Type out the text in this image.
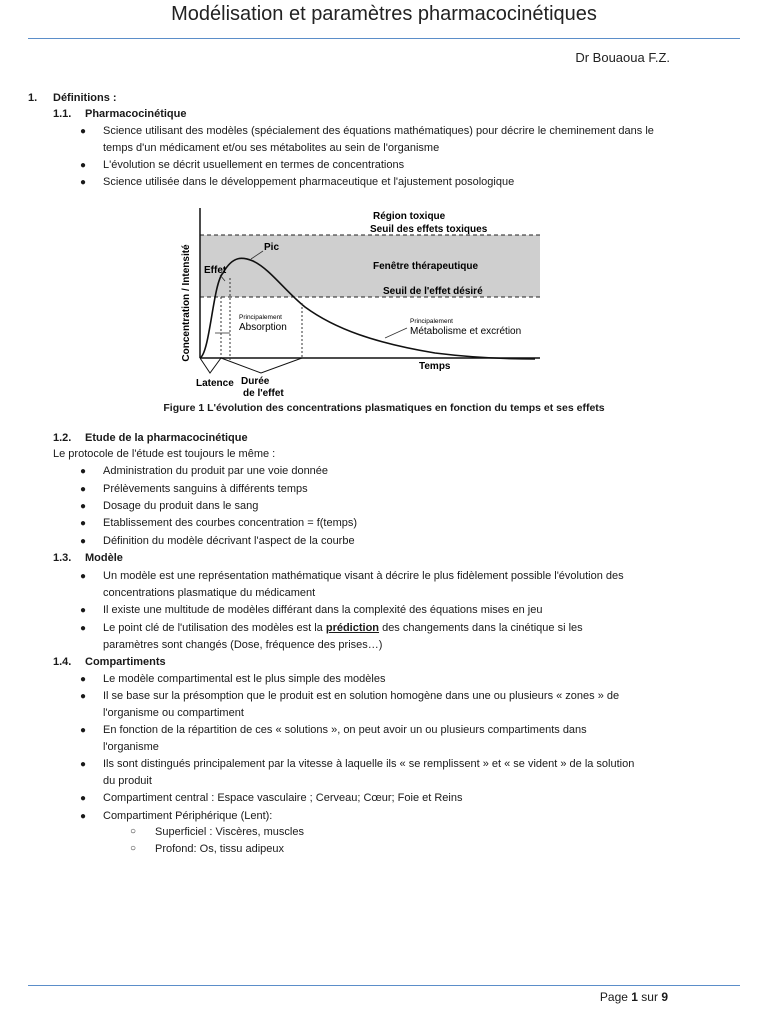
Modélisation et paramètres pharmacocinétiques
Dr Bouaoua F.Z.
1. Définitions :
1.1. Pharmacocinétique
● Science utilisant des modèles (spécialement des équations mathématiques) pour décrire le cheminement dans le
temps d'un médicament et/ou ses métabolites au sein de l'organisme
● L'évolution se décrit usuellement en termes de concentrations
● Science utilisée dans le développement pharmaceutique et l'ajustement posologique
Concentration / Intensité
Région toxique
Seuil des effets toxiques
Pic
Effet	Fenêtre thérapeutique
Seuil de l'effet désiré
Principalement
Absorption
Principalement
Métabolisme et excrétion
Temps
Latence Durée
de l'effet
Figure 1 L'évolution des concentrations plasmatiques en fonction du temps et ses effets
1.2. Etude de la pharmacocinétique
Le protocole de l'étude est toujours le même :
● Administration du produit par une voie donnée
● Prélèvements sanguins à différents temps
● Dosage du produit dans le sang
● Etablissement des courbes concentration = f(temps)
● Définition du modèle décrivant l'aspect de la courbe
1.3. Modèle
● Un modèle est une représentation mathématique visant à décrire le plus fidèlement possible l'évolution des
concentrations plasmatique du médicament
● Il existe une multitude de modèles différant dans la complexité des équations mises en jeu
● Le point clé de l'utilisation des modèles est la prédiction des changements dans la cinétique si les
paramètres sont changés (Dose, fréquence des prises…)
1.4. Compartiments
● Le modèle compartimental est le plus simple des modèles
● Il se base sur la présomption que le produit est en solution homogène dans une ou plusieurs « zones » de
l'organisme ou compartiment
● En fonction de la répartition de ces « solutions », on peut avoir un ou plusieurs compartiments dans
l'organisme
● Ils sont distingués principalement par la vitesse à laquelle ils « se remplissent » et « se vident » de la solution
du produit
● Compartiment central : Espace vasculaire ; Cerveau; Cœur; Foie et Reins
● Compartiment Périphérique (Lent):
○ Superficiel : Viscères, muscles
○ Profond: Os, tissu adipeux
Page 1 sur 9
